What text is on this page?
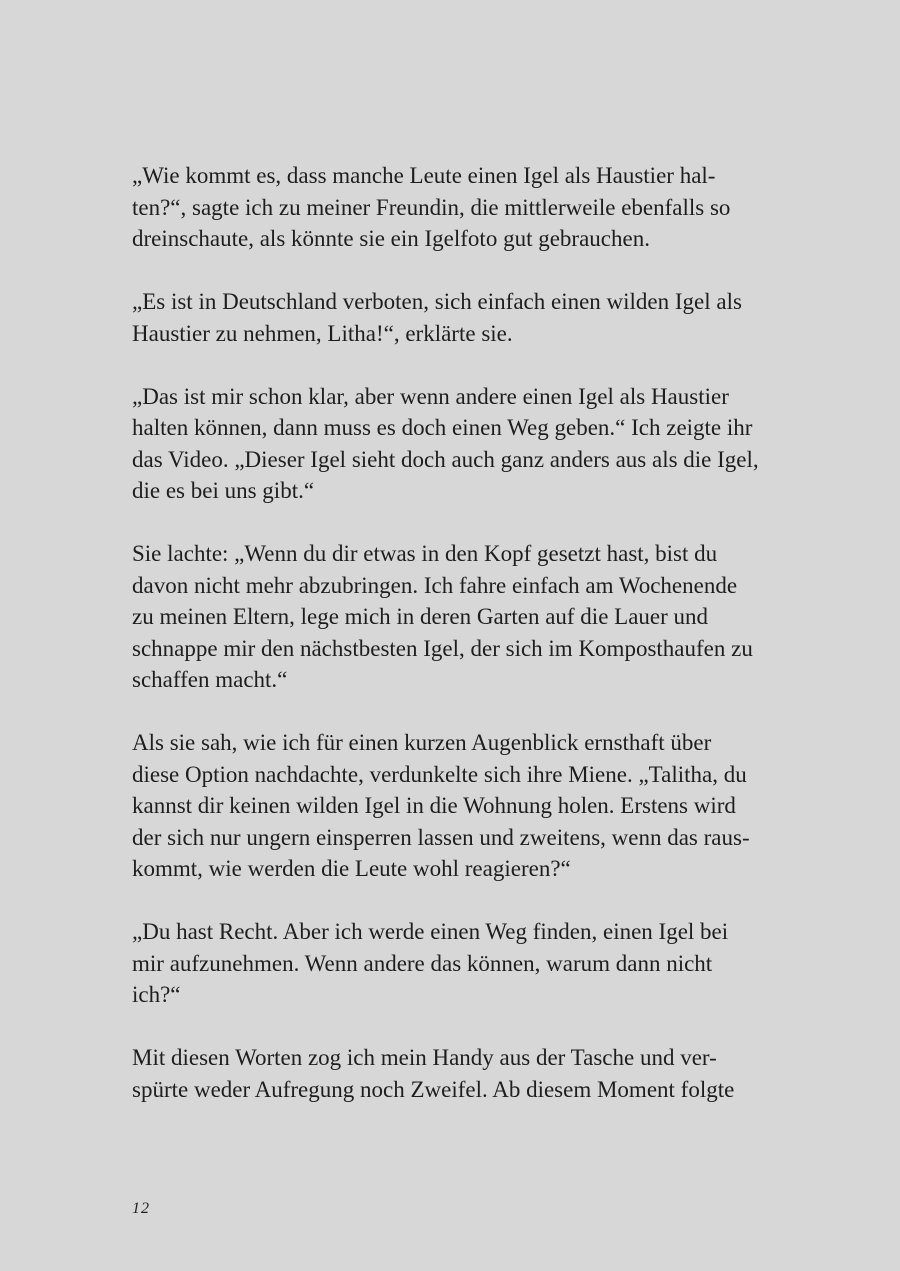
„Wie kommt es, dass manche Leute einen Igel als Haustier hal-
ten?“, sagte ich zu meiner Freundin, die mittlerweile ebenfalls so
dreinschaute, als könnte sie ein Igelfoto gut gebrauchen.

„Es ist in Deutschland verboten, sich einfach einen wilden Igel als
Haustier zu nehmen, Litha!“, erklärte sie.

„Das ist mir schon klar, aber wenn andere einen Igel als Haustier
halten können, dann muss es doch einen Weg geben.“ Ich zeigte ihr
das Video. „Dieser Igel sieht doch auch ganz anders aus als die Igel,
die es bei uns gibt.“

Sie lachte: „Wenn du dir etwas in den Kopf gesetzt hast, bist du
davon nicht mehr abzubringen. Ich fahre einfach am Wochenende
zu meinen Eltern, lege mich in deren Garten auf die Lauer und
schnappe mir den nächstbesten Igel, der sich im Komposthaufen zu
schaffen macht.“

Als sie sah, wie ich für einen kurzen Augenblick ernsthaft über
diese Option nachdachte, verdunkelte sich ihre Miene. „Talitha, du
kannst dir keinen wilden Igel in die Wohnung holen. Erstens wird
der sich nur ungern einsperren lassen und zweitens, wenn das raus-
kommt, wie werden die Leute wohl reagieren?“

„Du hast Recht. Aber ich werde einen Weg finden, einen Igel bei
mir aufzunehmen. Wenn andere das können, warum dann nicht
ich?“

Mit diesen Worten zog ich mein Handy aus der Tasche und ver-
spürte weder Aufregung noch Zweifel. Ab diesem Moment folgte

12
